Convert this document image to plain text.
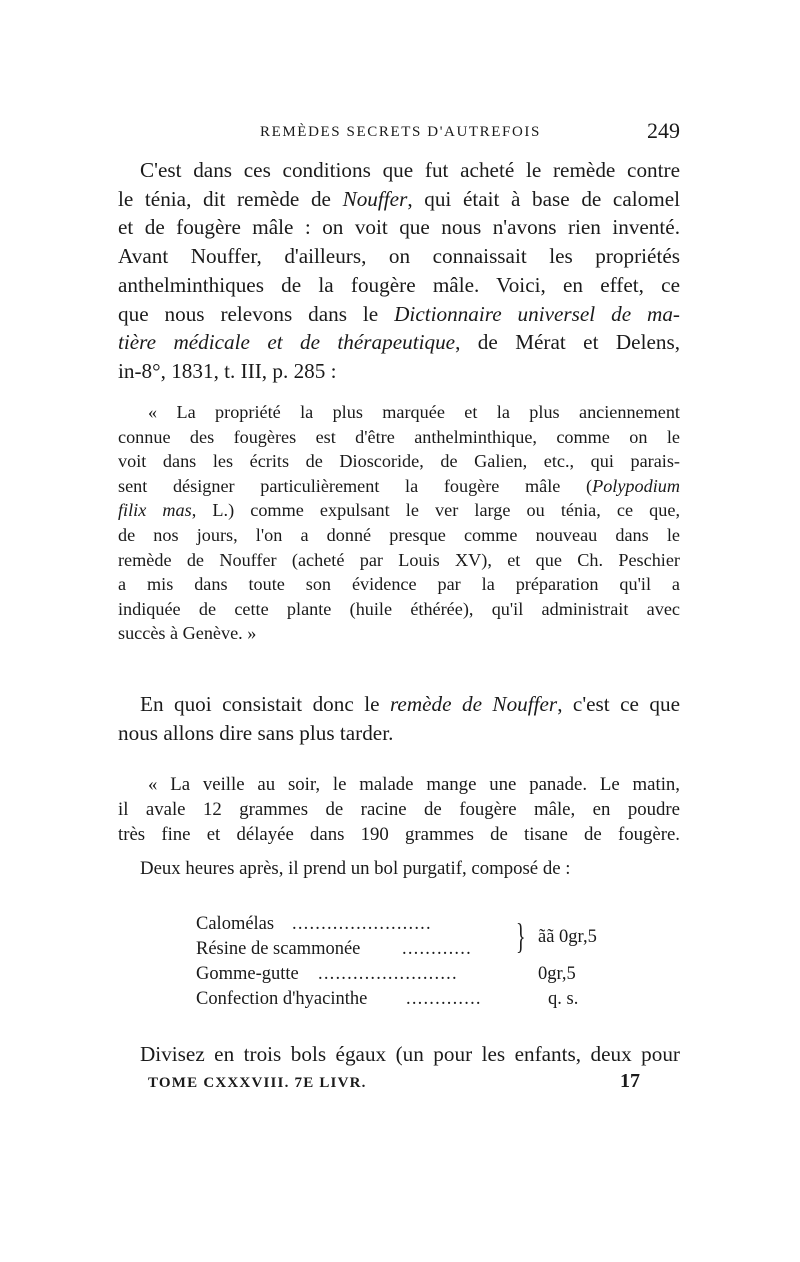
REMÈDES SECRETS D'AUTREFOIS	249
C'est dans ces conditions que fut acheté le remède contre
le ténia, dit remède de Nouffer, qui était à base de calomel
et de fougère mâle : on voit que nous n'avons rien inventé.
Avant Nouffer, d'ailleurs, on connaissait les propriétés
anthelminthiques de la fougère mâle. Voici, en effet, ce
que nous relevons dans le Dictionnaire universel de ma-
tière médicale et de thérapeutique, de Mérat et Delens,
in-8°, 1831, t. III, p. 285 :
« La propriété la plus marquée et la plus anciennement
connue des fougères est d'être anthelminthique, comme on le
voit dans les écrits de Dioscoride, de Galien, etc., qui parais-
sent désigner particulièrement la fougère mâle (Polypodium
filix mas, L.) comme expulsant le ver large ou ténia, ce que,
de nos jours, l'on a donné presque comme nouveau dans le
remède de Nouffer (acheté par Louis XV), et que Ch. Peschier
a mis dans toute son évidence par la préparation qu'il a
indiquée de cette plante (huile éthérée), qu'il administrait avec
succès à Genève. »
En quoi consistait donc le remède de Nouffer, c'est ce que
nous allons dire sans plus tarder.
« La veille au soir, le malade mange une panade. Le matin,
il avale 12 grammes de racine de fougère mâle, en poudre
très fine et délayée dans 190 grammes de tisane de fougère.
Deux heures après, il prend un bol purgatif, composé de :
Calomélas ........................
Résine de scammonée ............	} ãã 0gr,5
Gomme-gutte ........................	0gr,5
Confection d'hyacinthe .............	q. s.
Divisez en trois bols égaux (un pour les enfants, deux pour
TOME CXXXVIII. 7E LIVR.	17
